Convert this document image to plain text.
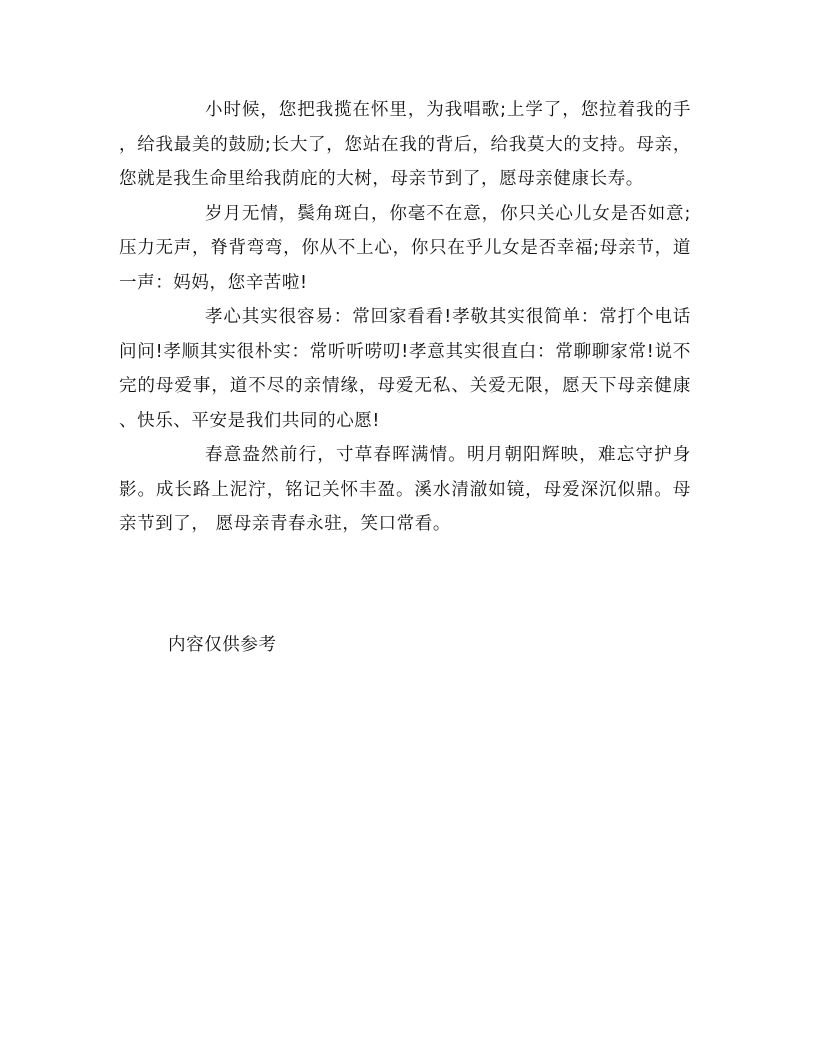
小时候，您把我揽在怀里，为我唱歌;上学了，您拉着我的手，给我最美的鼓励;长大了，您站在我的背后，给我莫大的支持。母亲，您就是我生命里给我荫庇的大树，母亲节到了，愿母亲健康长寿。

岁月无情，鬓角斑白，你毫不在意，你只关心儿女是否如意;压力无声，脊背弯弯，你从不上心，你只在乎儿女是否幸福;母亲节，道一声：妈妈，您辛苦啦!

孝心其实很容易：常回家看看!孝敬其实很简单：常打个电话问问!孝顺其实很朴实：常听听唠叨!孝意其实很直白：常聊聊家常!说不完的母爱事，道不尽的亲情缘，母爱无私、关爱无限，愿天下母亲健康、快乐、平安是我们共同的心愿!

春意盎然前行，寸草春晖满情。明月朝阳辉映，难忘守护身影。成长路上泥泞，铭记关怀丰盈。溪水清澈如镜，母爱深沉似鼎。母亲节到了， 愿母亲青春永驻，笑口常看。

内容仅供参考
